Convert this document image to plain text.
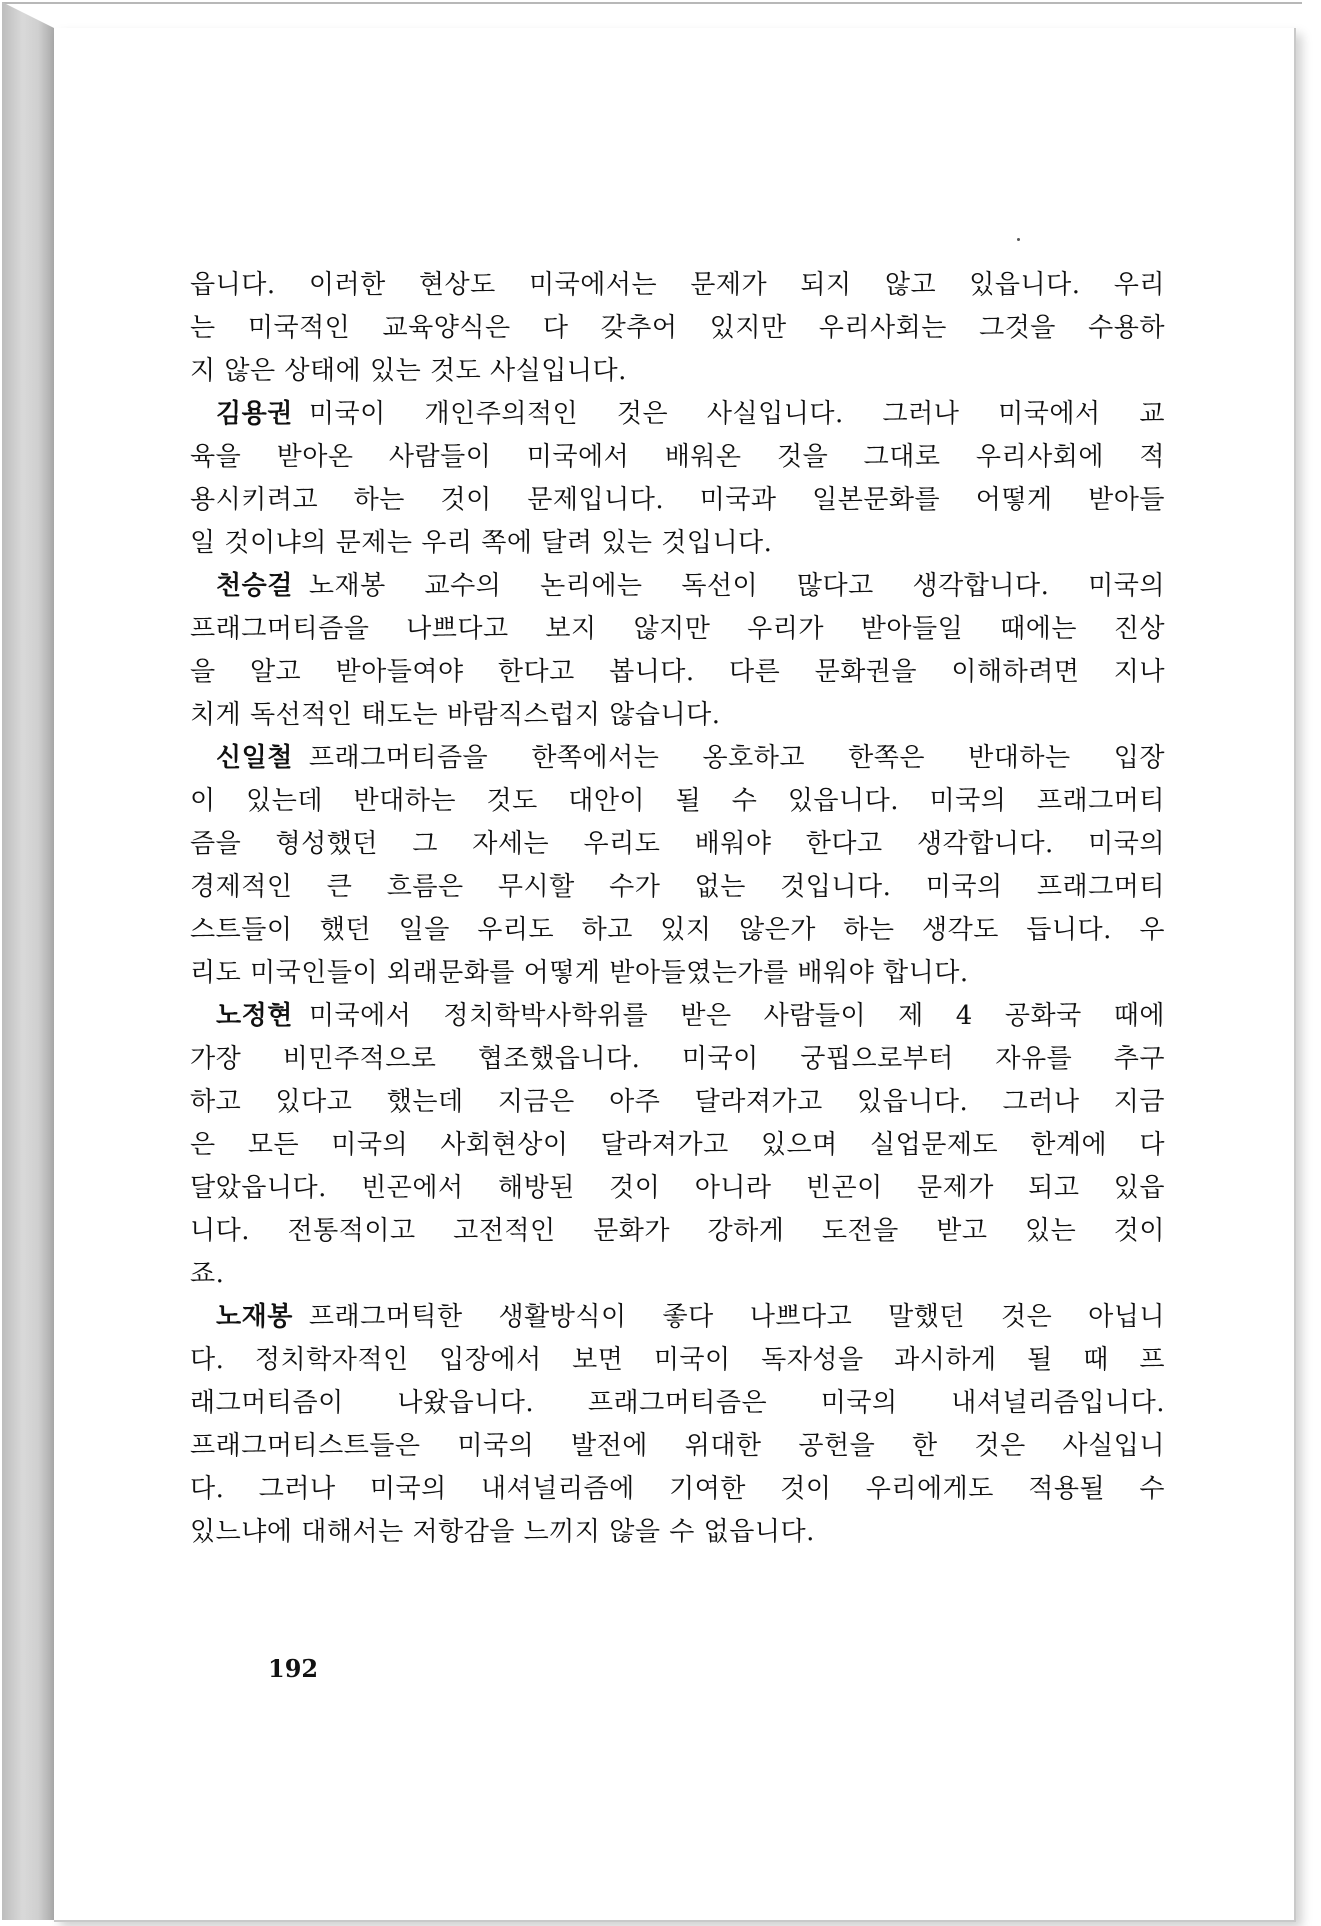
읍니다. 이러한 현상도 미국에서는 문제가 되지 않고 있읍니다. 우리
는 미국적인 교육양식은 다 갖추어 있지만 우리사회는 그것을 수용하
지 않은 상태에 있는 것도 사실입니다.
김용권 미국이 개인주의적인 것은 사실입니다. 그러나 미국에서 교
육을 받아온 사람들이 미국에서 배워온 것을 그대로 우리사회에 적
용시키려고 하는 것이 문제입니다. 미국과 일본문화를 어떻게 받아들
일 것이냐의 문제는 우리 쪽에 달려 있는 것입니다.
천승걸 노재봉 교수의 논리에는 독선이 많다고 생각합니다. 미국의
프래그머티즘을 나쁘다고 보지 않지만 우리가 받아들일 때에는 진상
을 알고 받아들여야 한다고 봅니다. 다른 문화권을 이해하려면 지나
치게 독선적인 태도는 바람직스럽지 않습니다.
신일철 프래그머티즘을 한쪽에서는 옹호하고 한쪽은 반대하는 입장
이 있는데 반대하는 것도 대안이 될 수 있읍니다. 미국의 프래그머티
즘을 형성했던 그 자세는 우리도 배워야 한다고 생각합니다. 미국의
경제적인 큰 흐름은 무시할 수가 없는 것입니다. 미국의 프래그머티
스트들이 했던 일을 우리도 하고 있지 않은가 하는 생각도 듭니다. 우
리도 미국인들이 외래문화를 어떻게 받아들였는가를 배워야 합니다.
노정현 미국에서 정치학박사학위를 받은 사람들이 제 4 공화국 때에
가장 비민주적으로 협조했읍니다. 미국이 궁핍으로부터 자유를 추구
하고 있다고 했는데 지금은 아주 달라져가고 있읍니다. 그러나 지금
은 모든 미국의 사회현상이 달라져가고 있으며 실업문제도 한계에 다
달았읍니다. 빈곤에서 해방된 것이 아니라 빈곤이 문제가 되고 있읍
니다. 전통적이고 고전적인 문화가 강하게 도전을 받고 있는 것이
죠.
노재봉 프래그머틱한 생활방식이 좋다 나쁘다고 말했던 것은 아닙니
다. 정치학자적인 입장에서 보면 미국이 독자성을 과시하게 될 때 프
래그머티즘이 나왔읍니다. 프래그머티즘은 미국의 내셔널리즘입니다.
프래그머티스트들은 미국의 발전에 위대한 공헌을 한 것은 사실입니
다. 그러나 미국의 내셔널리즘에 기여한 것이 우리에게도 적용될 수
있느냐에 대해서는 저항감을 느끼지 않을 수 없읍니다.
192
